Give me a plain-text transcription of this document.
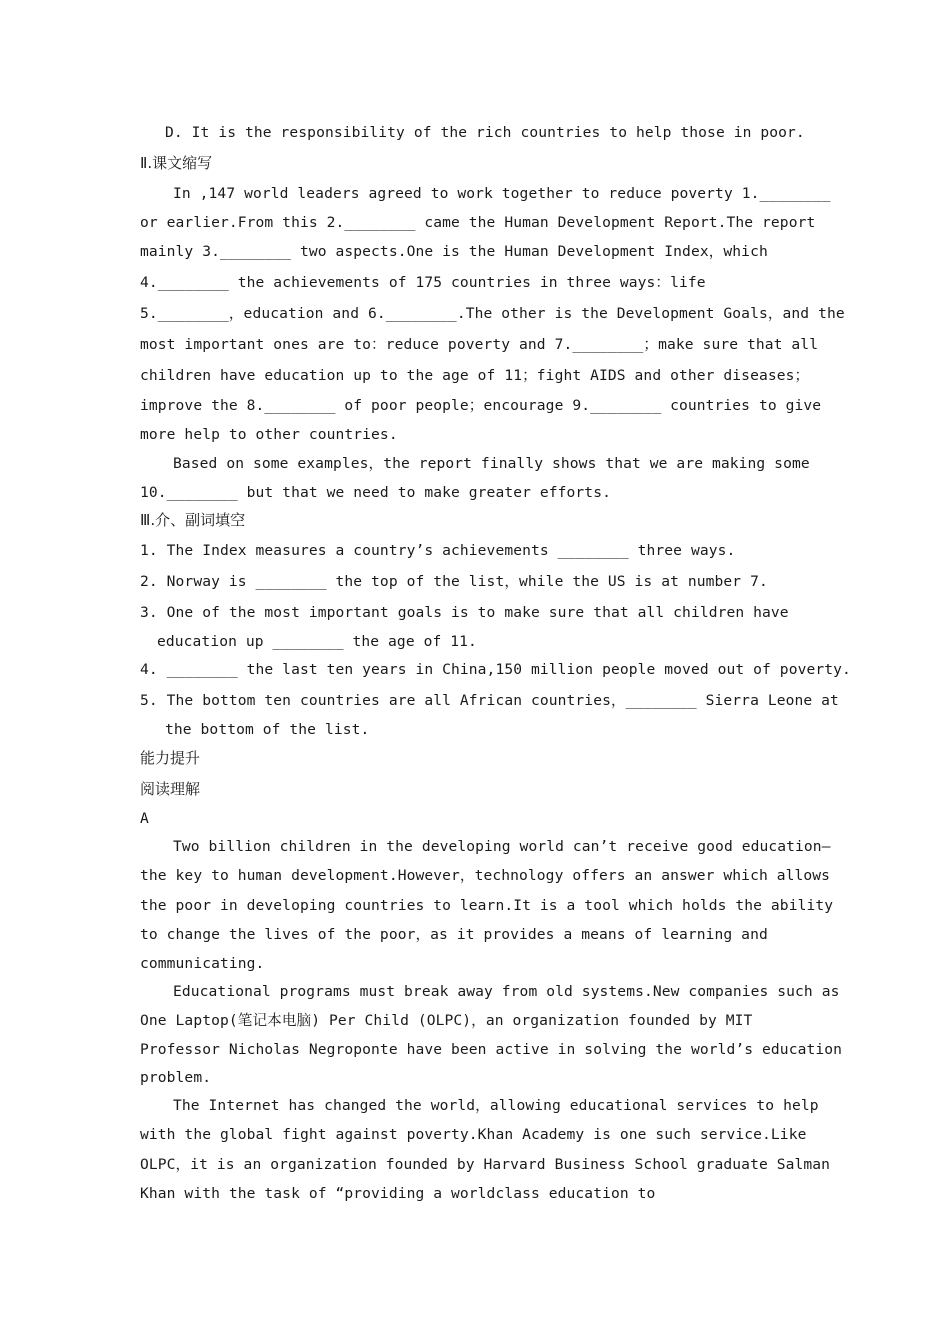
D. It is the responsibility of the rich countries to help those in poor.
Ⅱ.课文缩写
In ,147 world leaders agreed to work together to reduce poverty 1.________
or earlier.From this 2.________ came the Human Development Report.The report
mainly 3.________ two aspects.One is the Human Development Index，which
4.________ the achievements of 175 countries in three ways：life
5.________，education and 6.________.The other is the Development Goals，and the
most important ones are to：reduce poverty and 7.________；make sure that all
children have education up to the age of 11；fight AIDS and other diseases；
improve the 8.________ of poor people；encourage 9.________ countries to give
more help to other countries.
Based on some examples，the report finally shows that we are making some
10.________ but that we need to make greater efforts.
Ⅲ.介、副词填空
1. The Index measures a country’s achievements ________ three ways.
2. Norway is ________ the top of the list，while the US is at number 7.
3. One of the most important goals is to make sure that all children have
education up ________ the age of 11.
4. ________ the last ten years in China,150 million people moved out of poverty.
5. The bottom ten countries are all African countries，________ Sierra Leone at
the bottom of the list.
能力提升
阅读理解
A
Two billion children in the developing world can’t receive good education—
the key to human development.However，technology offers an answer which allows
the poor in developing countries to learn.It is a tool which holds the ability
to change the lives of the poor，as it provides a means of learning and
communicating.
Educational programs must break away from old systems.New companies such as
One Laptop(笔记本电脑) Per Child (OLPC)，an organization founded by MIT
Professor Nicholas Negroponte have been active in solving the world’s education
problem.
The Internet has changed the world，allowing educational services to help
with the global fight against poverty.Khan Academy is one such service.Like
OLPC，it is an organization founded by Harvard Business School graduate Salman
Khan with the task of “providing a worldclass education to
